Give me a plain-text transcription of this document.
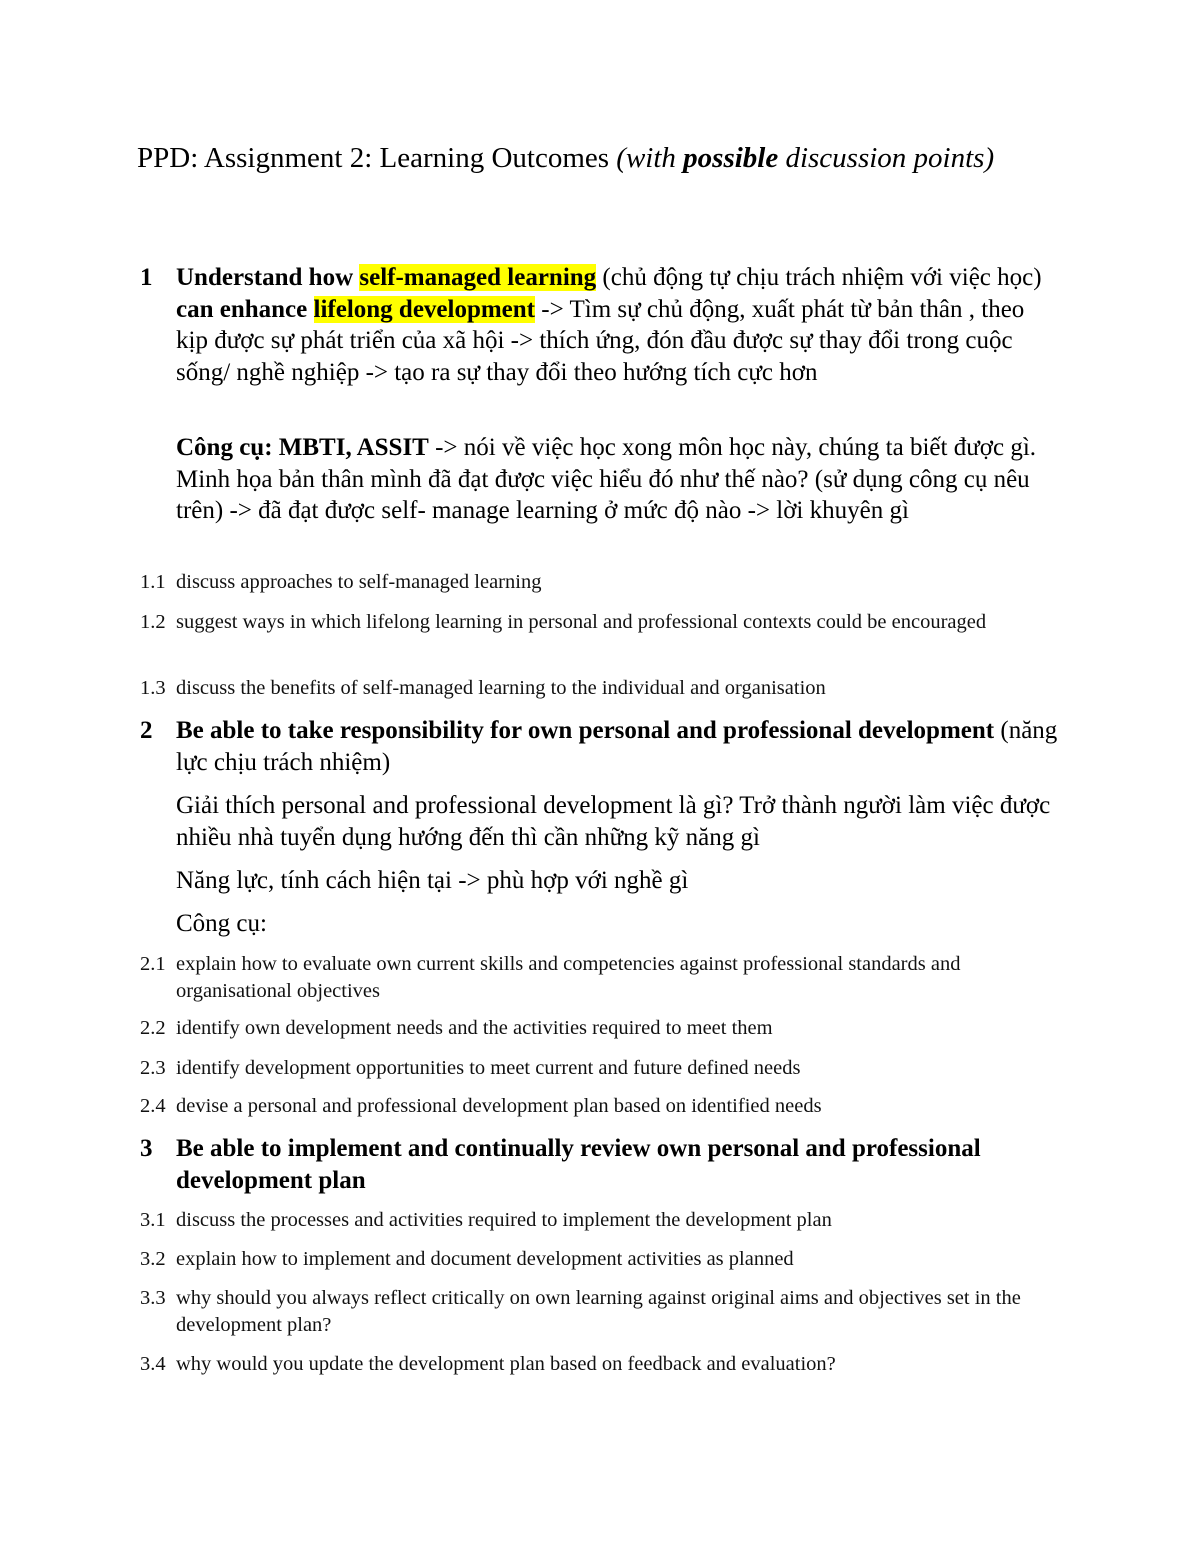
PPD: Assignment 2: Learning Outcomes (with possible discussion points)
1 Understand how self-managed learning (chủ động tự chịu trách nhiệm với việc học) can enhance lifelong development -> Tìm sự chủ động, xuất phát từ bản thân , theo kịp được sự phát triển của xã hội -> thích ứng, đón đầu được sự thay đổi trong cuộc sống/ nghề nghiệp -> tạo ra sự thay đổi theo hướng tích cực hơn
Công cụ: MBTI, ASSIT -> nói về việc học xong môn học này, chúng ta biết được gì. Minh họa bản thân mình đã đạt được việc hiểu đó như thế nào? (sử dụng công cụ nêu trên) -> đã đạt được self- manage learning ở mức độ nào -> lời khuyên gì
1.1 discuss approaches to self-managed learning
1.2 suggest ways in which lifelong learning in personal and professional contexts could be encouraged
1.3 discuss the benefits of self-managed learning to the individual and organisation
2 Be able to take responsibility for own personal and professional development (năng lực chịu trách nhiệm)
Giải thích personal and professional development là gì? Trở thành người làm việc được nhiều nhà tuyển dụng hướng đến thì cần những kỹ năng gì
Năng lực, tính cách hiện tại -> phù hợp với nghề gì
Công cụ:
2.1 explain how to evaluate own current skills and competencies against professional standards and organisational objectives
2.2 identify own development needs and the activities required to meet them
2.3 identify development opportunities to meet current and future defined needs
2.4 devise a personal and professional development plan based on identified needs
3 Be able to implement and continually review own personal and professional development plan
3.1 discuss the processes and activities required to implement the development plan
3.2 explain how to implement and document development activities as planned
3.3 why should you always reflect critically on own learning against original aims and objectives set in the development plan?
3.4 why would you update the development plan based on feedback and evaluation?
